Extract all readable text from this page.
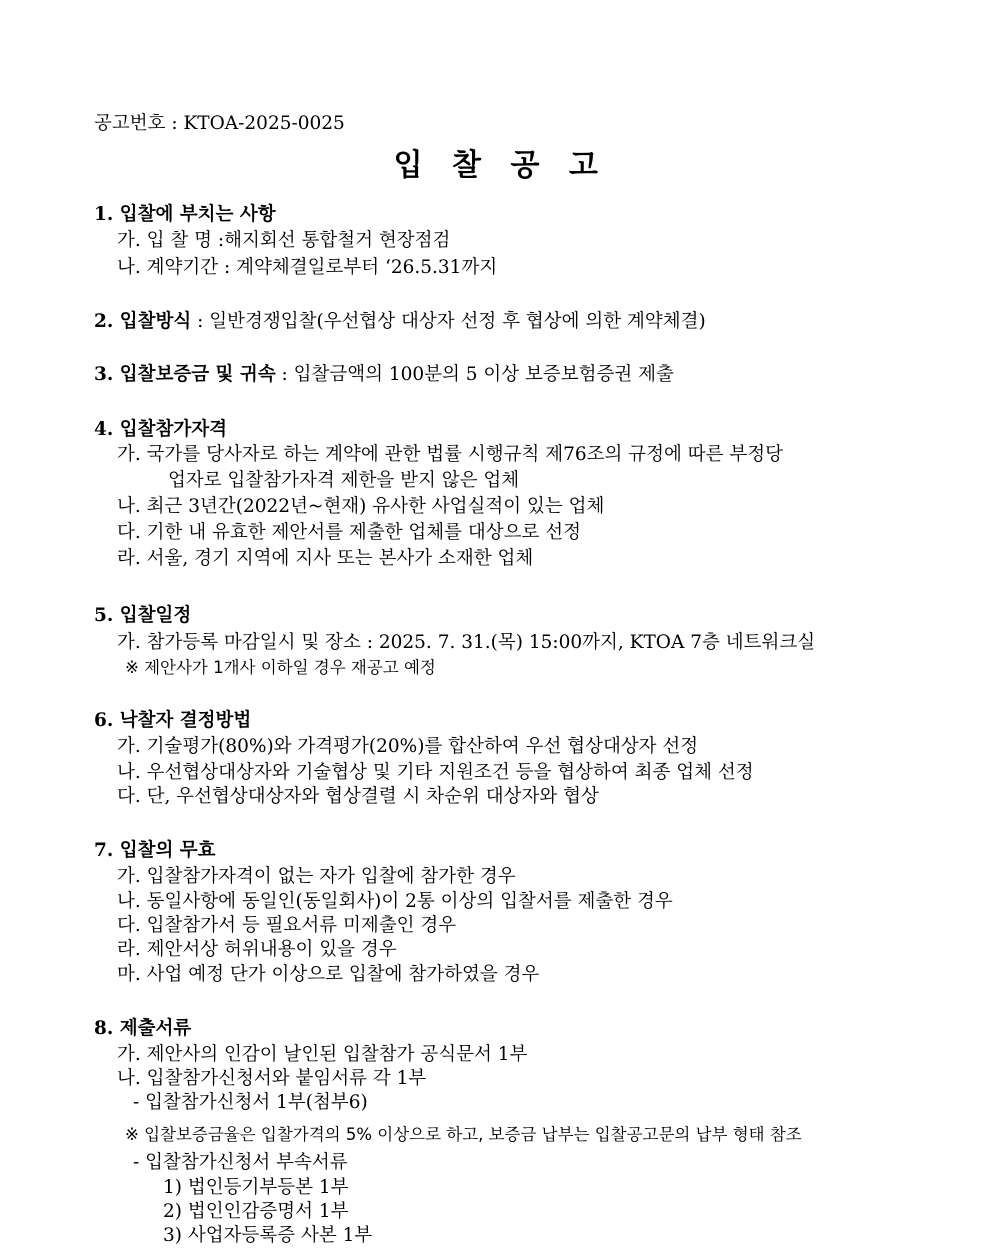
공고번호 : KTOA-2025-0025
입 찰 공 고
1. 입찰에 부치는 사항
가. 입 찰 명 :해지회선 통합철거 현장점검
나. 계약기간 : 계약체결일로부터 ‘26.5.31까지
2. 입찰방식 : 일반경쟁입찰(우선협상 대상자 선정 후 협상에 의한 계약체결)
3. 입찰보증금 및 귀속 : 입찰금액의 100분의 5 이상 보증보험증권 제출
4. 입찰참가자격
가. 국가를 당사자로 하는 계약에 관한 법률 시행규칙 제76조의 규정에 따른 부정당
업자로 입찰참가자격 제한을 받지 않은 업체
나. 최근 3년간(2022년~현재) 유사한 사업실적이 있는 업체
다. 기한 내 유효한 제안서를 제출한 업체를 대상으로 선정
라. 서울, 경기 지역에 지사 또는 본사가 소재한 업체
5. 입찰일정
가. 참가등록 마감일시 및 장소 : 2025. 7. 31.(목) 15:00까지, KTOA 7층 네트워크실
※ 제안사가 1개사 이하일 경우 재공고 예정
6. 낙찰자 결정방법
가. 기술평가(80%)와 가격평가(20%)를 합산하여 우선 협상대상자 선정
나. 우선협상대상자와 기술협상 및 기타 지원조건 등을 협상하여 최종 업체 선정
다. 단, 우선협상대상자와 협상결렬 시 차순위 대상자와 협상
7. 입찰의 무효
가. 입찰참가자격이 없는 자가 입찰에 참가한 경우
나. 동일사항에 동일인(동일회사)이 2통 이상의 입찰서를 제출한 경우
다. 입찰참가서 등 필요서류 미제출인 경우
라. 제안서상 허위내용이 있을 경우
마. 사업 예정 단가 이상으로 입찰에 참가하였을 경우
8. 제출서류
가. 제안사의 인감이 날인된 입찰참가 공식문서 1부
나. 입찰참가신청서와 붙임서류 각 1부
- 입찰참가신청서 1부(첨부6)
※ 입찰보증금율은 입찰가격의 5% 이상으로 하고, 보증금 납부는 입찰공고문의 납부 형태 참조
- 입찰참가신청서 부속서류
1) 법인등기부등본 1부
2) 법인인감증명서 1부
3) 사업자등록증 사본 1부
